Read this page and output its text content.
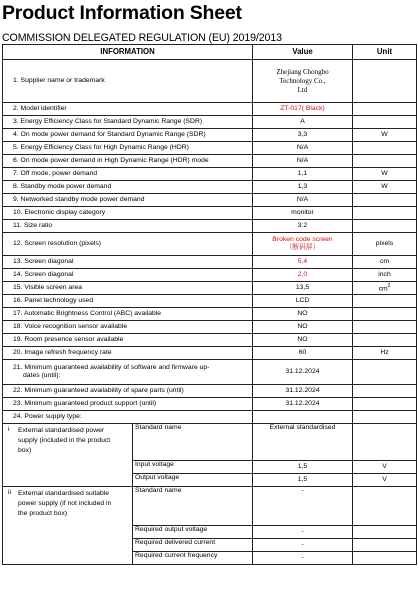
Product Information Sheet
COMMISSION DELEGATED REGULATION (EU) 2019/2013
INFORMATION		Value	Unit
1. Supplier name or trademark		Zhejiang Chongbo
Technology Co.,
Ltd	

2. Model identifier		ZT-017( Black)	
3. Energy Efficiency Class for Standard Dynamic Range (SDR)		A	
4. On mode power demand for Standard Dynamic Range (SDR)		3,3	W
5. Energy Efficiency Class for High Dynamic Range (HDR)		N/A	
6. On mode power demand in High Dynamic Range (HDR) mode		N/A	
7. Off mode, power demand		1,1	W
8. Standby mode power demand		1,3	W
9. Networked standby mode power demand		N/A	
10. Electronic display category		monitor	
11. Size ratio		3:2	
12. Screen resolution (pixels)		Broken code screen
（断码屏）	pixels
13. Screen diagonal		5,4	cm
14. Screen diagonal		2,0	inch
15. Visible screen area		13,5	$cm^2$
16. Panel technology used		LCD	
17. Automatic Brightness Control (ABC) available		NO	
18. Voice recognition sensor available		NO	
19. Room presence sensor available		NO	
20. Image refresh frequency rate		60	Hz

21. Minimum guaranteed availability of software and firmware up-
dates (until):		31.12.2024	
22. Minimum guaranteed availability of spare parts (until)		31.12.2024	
23. Minimum guaranteed product support (until)		31.12.2024	
24. Power supply type:			

i External standardised power
supply (included in the product
box)	Standard name	External standardised	
	Input voltage	1,5	V
	Output voltage	1,5	V

ii External standardised suitable
power supply (if not included in
the product box)	Standard name	-	
	Required output voltage	-	
	Required delivered current	-	
	Required current frequency	-	
